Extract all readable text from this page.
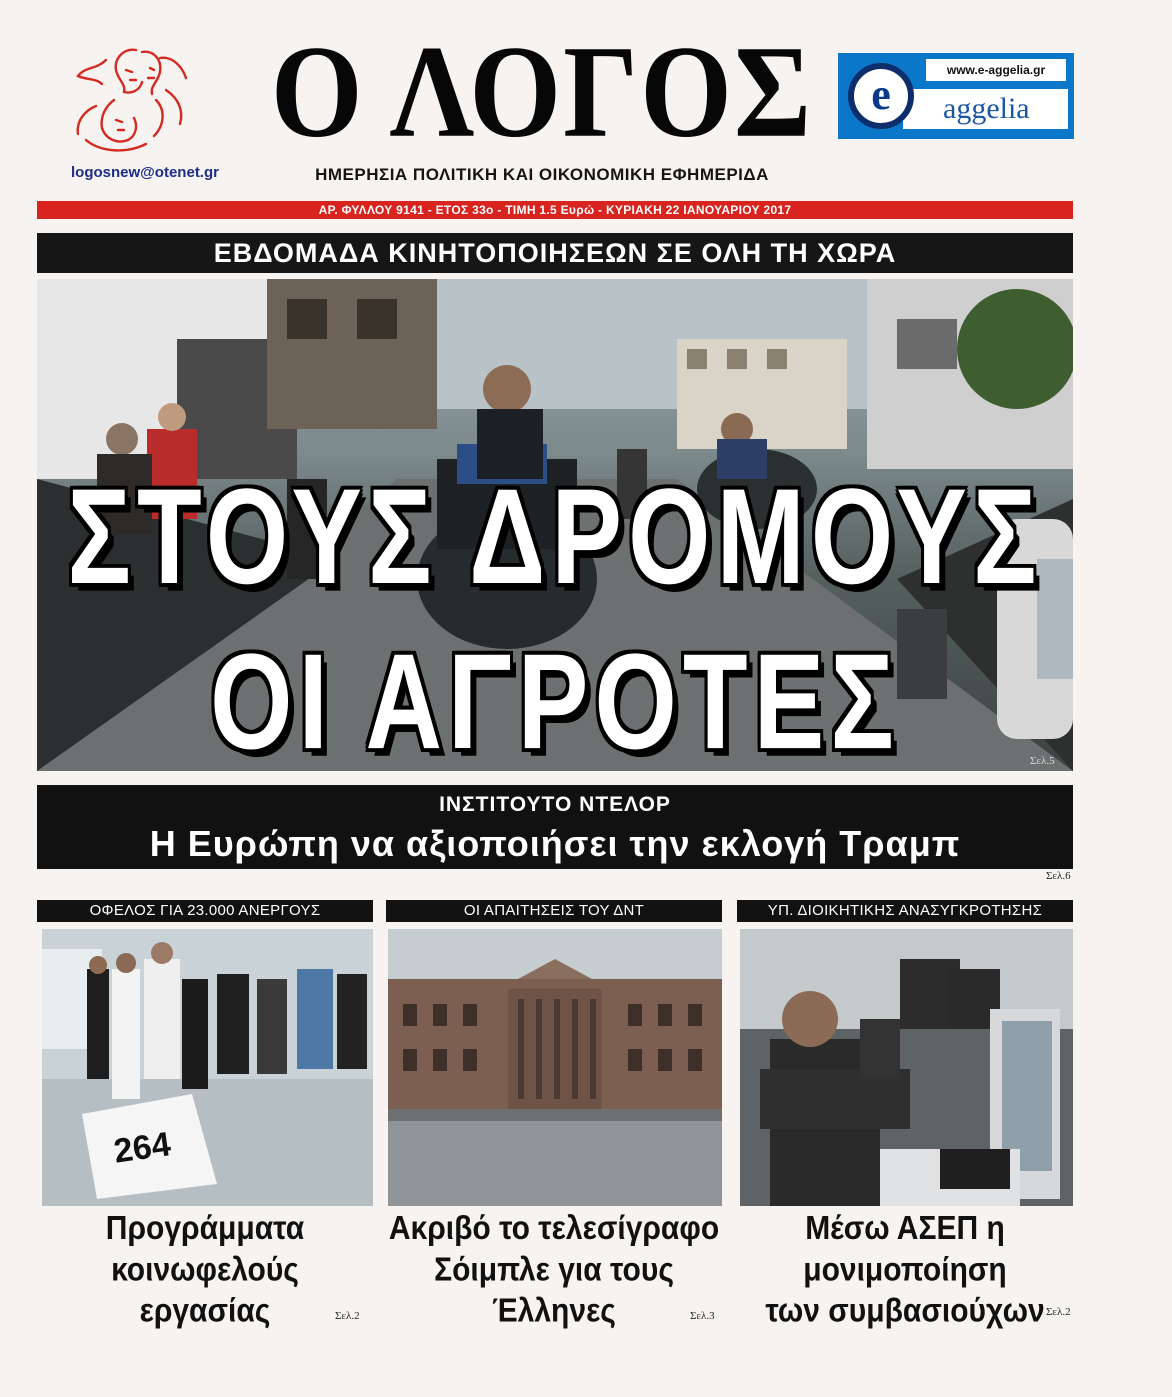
logosnew@otenet.gr
Ο ΛΟΓΟΣ
ΗΜΕΡΗΣΙΑ ΠΟΛΙΤΙΚΗ ΚΑΙ ΟΙΚΟΝΟΜΙΚΗ ΕΦΗΜΕΡΙΔΑ
www.e-aggelia.gr
aggelia
e
ΑΡ. ΦΥΛΛΟΥ 9141 - ΕΤΟΣ 33ο - ΤΙΜΗ 1.5 Ευρώ - ΚΥΡΙΑΚΗ 22 ΙΑΝΟΥΑΡΙΟΥ 2017
ΕΒΔΟΜΑΔΑ ΚΙΝΗΤΟΠΟΙΗΣΕΩΝ ΣΕ ΟΛΗ ΤΗ ΧΩΡΑ
ΣΤΟΥΣ ΔΡΟΜΟΥΣ
ΟΙ ΑΓΡΟΤΕΣ	Σελ.5
ΙΝΣΤΙΤΟΥΤΟ ΝΤΕΛΟΡ
Η Ευρώπη να αξιοποιήσει την εκλογή Τραμπ
Σελ.6
ΟΦΕΛΟΣ ΓΙΑ 23.000 ΑΝΕΡΓΟΥΣ
264
Προγράμματα
κοινωφελούς
εργασίας	Σελ.2
ΟΙ ΑΠΑΙΤΗΣΕΙΣ ΤΟΥ ΔΝΤ
Ακριβό το τελεσίγραφο
Σόιμπλε για τους
Έλληνες	Σελ.3
ΥΠ. ΔΙΟΙΚΗΤΙΚΗΣ ΑΝΑΣΥΓΚΡΟΤΗΣΗΣ
Μέσω ΑΣΕΠ η
μονιμοποίηση
των συμβασιούχων Σελ.2
